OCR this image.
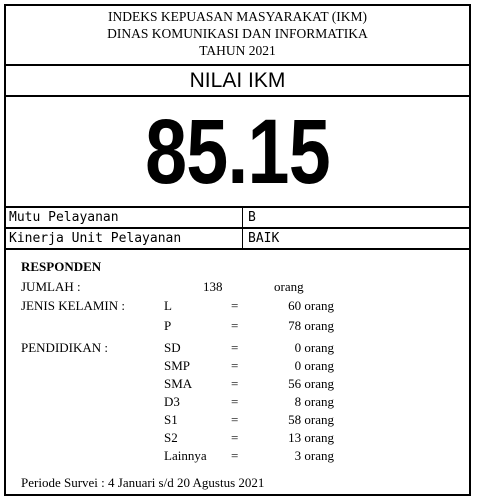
INDEKS KEPUASAN MASYARAKAT (IKM)
DINAS KOMUNIKASI DAN INFORMATIKA
TAHUN 2021
NILAI IKM
85.15
Mutu Pelayanan	B
Kinerja Unit Pelayanan	BAIK
RESPONDEN
JUMLAH :	138	orang
JENIS KELAMIN :	L	=	60 orang
P	=	78 orang
PENDIDIKAN :	SD	=	0 orang
SMP	=	0 orang
SMA	=	56 orang
D3	=	8 orang
S1	=	58 orang
S2	=	13 orang
Lainnya =	3 orang
Periode Survei : 4 Januari s/d 20 Agustus 2021
